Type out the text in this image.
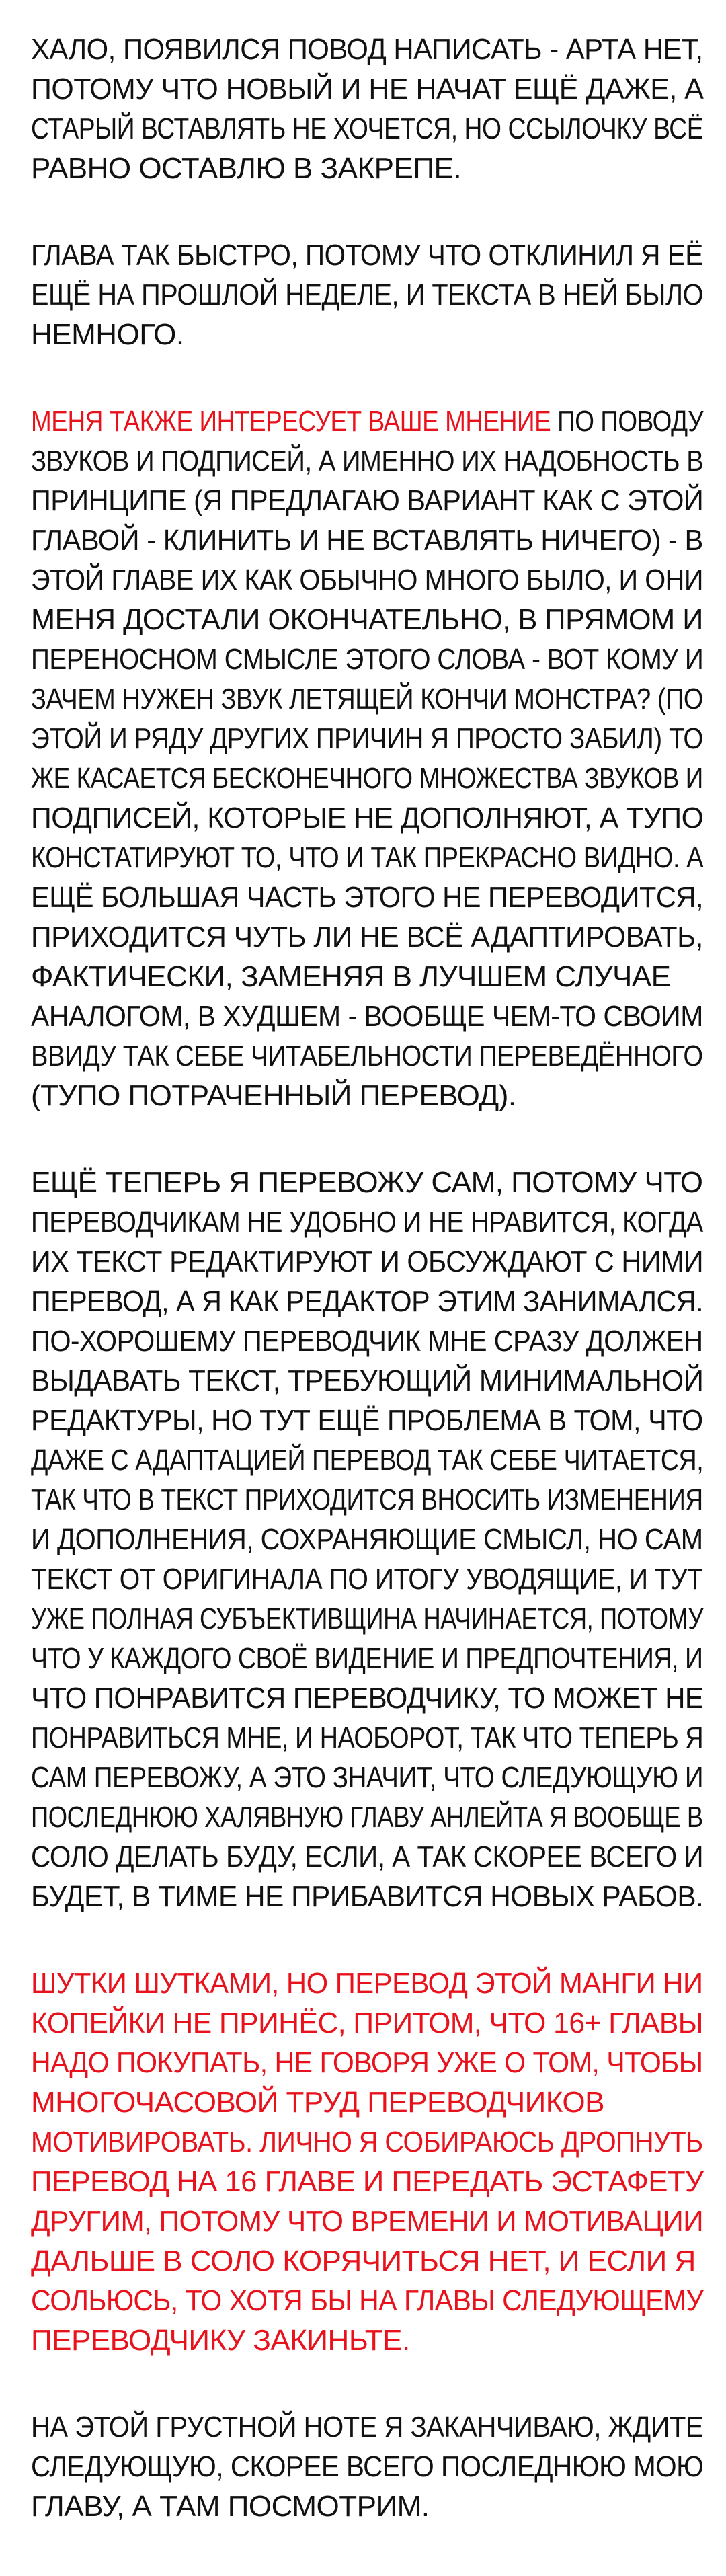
ХАЛО, ПОЯВИЛСЯ ПОВОД НАПИСАТЬ - АРТА НЕТ,
ПОТОМУ ЧТО НОВЫЙ И НЕ НАЧАТ ЕЩЁ ДАЖЕ, А
СТАРЫЙ ВСТАВЛЯТЬ НЕ ХОЧЕТСЯ, НО ССЫЛОЧКУ ВСЁ
РАВНО ОСТАВЛЮ В ЗАКРЕПЕ.
ГЛАВА ТАК БЫСТРО, ПОТОМУ ЧТО ОТКЛИНИЛ Я ЕЁ
ЕЩЁ НА ПРОШЛОЙ НЕДЕЛЕ, И ТЕКСТА В НЕЙ БЫЛО
НЕМНОГО.
МЕНЯ ТАКЖЕ ИНТЕРЕСУЕТ ВАШЕ МНЕНИЕ ПО ПОВОДУ
ЗВУКОВ И ПОДПИСЕЙ, А ИМЕННО ИХ НАДОБНОСТЬ В
ПРИНЦИПЕ (Я ПРЕДЛАГАЮ ВАРИАНТ КАК С ЭТОЙ
ГЛАВОЙ - КЛИНИТЬ И НЕ ВСТАВЛЯТЬ НИЧЕГО) - В
ЭТОЙ ГЛАВЕ ИХ КАК ОБЫЧНО МНОГО БЫЛО, И ОНИ
МЕНЯ ДОСТАЛИ ОКОНЧАТЕЛЬНО, В ПРЯМОМ И
ПЕРЕНОСНОМ СМЫСЛЕ ЭТОГО СЛОВА - ВОТ КОМУ И
ЗАЧЕМ НУЖЕН ЗВУК ЛЕТЯЩЕЙ КОНЧИ МОНСТРА? (ПО
ЭТОЙ И РЯДУ ДРУГИХ ПРИЧИН Я ПРОСТО ЗАБИЛ) ТО
ЖЕ КАСАЕТСЯ БЕСКОНЕЧНОГО МНОЖЕСТВА ЗВУКОВ И
ПОДПИСЕЙ, КОТОРЫЕ НЕ ДОПОЛНЯЮТ, А ТУПО
КОНСТАТИРУЮТ ТО, ЧТО И ТАК ПРЕКРАСНО ВИДНО. А
ЕЩЁ БОЛЬШАЯ ЧАСТЬ ЭТОГО НЕ ПЕРЕВОДИТСЯ,
ПРИХОДИТСЯ ЧУТЬ ЛИ НЕ ВСЁ АДАПТИРОВАТЬ,
ФАКТИЧЕСКИ, ЗАМЕНЯЯ В ЛУЧШЕМ СЛУЧАЕ
АНАЛОГОМ, В ХУДШЕМ - ВООБЩЕ ЧЕМ-ТО СВОИМ
ВВИДУ ТАК СЕБЕ ЧИТАБЕЛЬНОСТИ ПЕРЕВЕДЁННОГО
(ТУПО ПОТРАЧЕННЫЙ ПЕРЕВОД).
ЕЩЁ ТЕПЕРЬ Я ПЕРЕВОЖУ САМ, ПОТОМУ ЧТО
ПЕРЕВОДЧИКАМ НЕ УДОБНО И НЕ НРАВИТСЯ, КОГДА
ИХ ТЕКСТ РЕДАКТИРУЮТ И ОБСУЖДАЮТ С НИМИ
ПЕРЕВОД, А Я КАК РЕДАКТОР ЭТИМ ЗАНИМАЛСЯ.
ПО-ХОРОШЕМУ ПЕРЕВОДЧИК МНЕ СРАЗУ ДОЛЖЕН
ВЫДАВАТЬ ТЕКСТ, ТРЕБУЮЩИЙ МИНИМАЛЬНОЙ
РЕДАКТУРЫ, НО ТУТ ЕЩЁ ПРОБЛЕМА В ТОМ, ЧТО
ДАЖЕ С АДАПТАЦИЕЙ ПЕРЕВОД ТАК СЕБЕ ЧИТАЕТСЯ,
ТАК ЧТО В ТЕКСТ ПРИХОДИТСЯ ВНОСИТЬ ИЗМЕНЕНИЯ
И ДОПОЛНЕНИЯ, СОХРАНЯЮЩИЕ СМЫСЛ, НО САМ
ТЕКСТ ОТ ОРИГИНАЛА ПО ИТОГУ УВОДЯЩИЕ, И ТУТ
УЖЕ ПОЛНАЯ СУБЪЕКТИВЩИНА НАЧИНАЕТСЯ, ПОТОМУ
ЧТО У КАЖДОГО СВОЁ ВИДЕНИЕ И ПРЕДПОЧТЕНИЯ, И
ЧТО ПОНРАВИТСЯ ПЕРЕВОДЧИКУ, ТО МОЖЕТ НЕ
ПОНРАВИТЬСЯ МНЕ, И НАОБОРОТ, ТАК ЧТО ТЕПЕРЬ Я
САМ ПЕРЕВОЖУ, А ЭТО ЗНАЧИТ, ЧТО СЛЕДУЮЩУЮ И
ПОСЛЕДНЮЮ ХАЛЯВНУЮ ГЛАВУ АНЛЕЙТА Я ВООБЩЕ В
СОЛО ДЕЛАТЬ БУДУ, ЕСЛИ, А ТАК СКОРЕЕ ВСЕГО И
БУДЕТ, В ТИМЕ НЕ ПРИБАВИТСЯ НОВЫХ РАБОВ.
ШУТКИ ШУТКАМИ, НО ПЕРЕВОД ЭТОЙ МАНГИ НИ
КОПЕЙКИ НЕ ПРИНЁС, ПРИТОМ, ЧТО 16+ ГЛАВЫ
НАДО ПОКУПАТЬ, НЕ ГОВОРЯ УЖЕ О ТОМ, ЧТОБЫ
МНОГОЧАСОВОЙ ТРУД ПЕРЕВОДЧИКОВ
МОТИВИРОВАТЬ. ЛИЧНО Я СОБИРАЮСЬ ДРОПНУТЬ
ПЕРЕВОД НА 16 ГЛАВЕ И ПЕРЕДАТЬ ЭСТАФЕТУ
ДРУГИМ, ПОТОМУ ЧТО ВРЕМЕНИ И МОТИВАЦИИ
ДАЛЬШЕ В СОЛО КОРЯЧИТЬСЯ НЕТ, И ЕСЛИ Я
СОЛЬЮСЬ, ТО ХОТЯ БЫ НА ГЛАВЫ СЛЕДУЮЩЕМУ
ПЕРЕВОДЧИКУ ЗАКИНЬТЕ.
НА ЭТОЙ ГРУСТНОЙ НОТЕ Я ЗАКАНЧИВАЮ, ЖДИТЕ
СЛЕДУЮЩУЮ, СКОРЕЕ ВСЕГО ПОСЛЕДНЮЮ МОЮ
ГЛАВУ, А ТАМ ПОСМОТРИМ.
